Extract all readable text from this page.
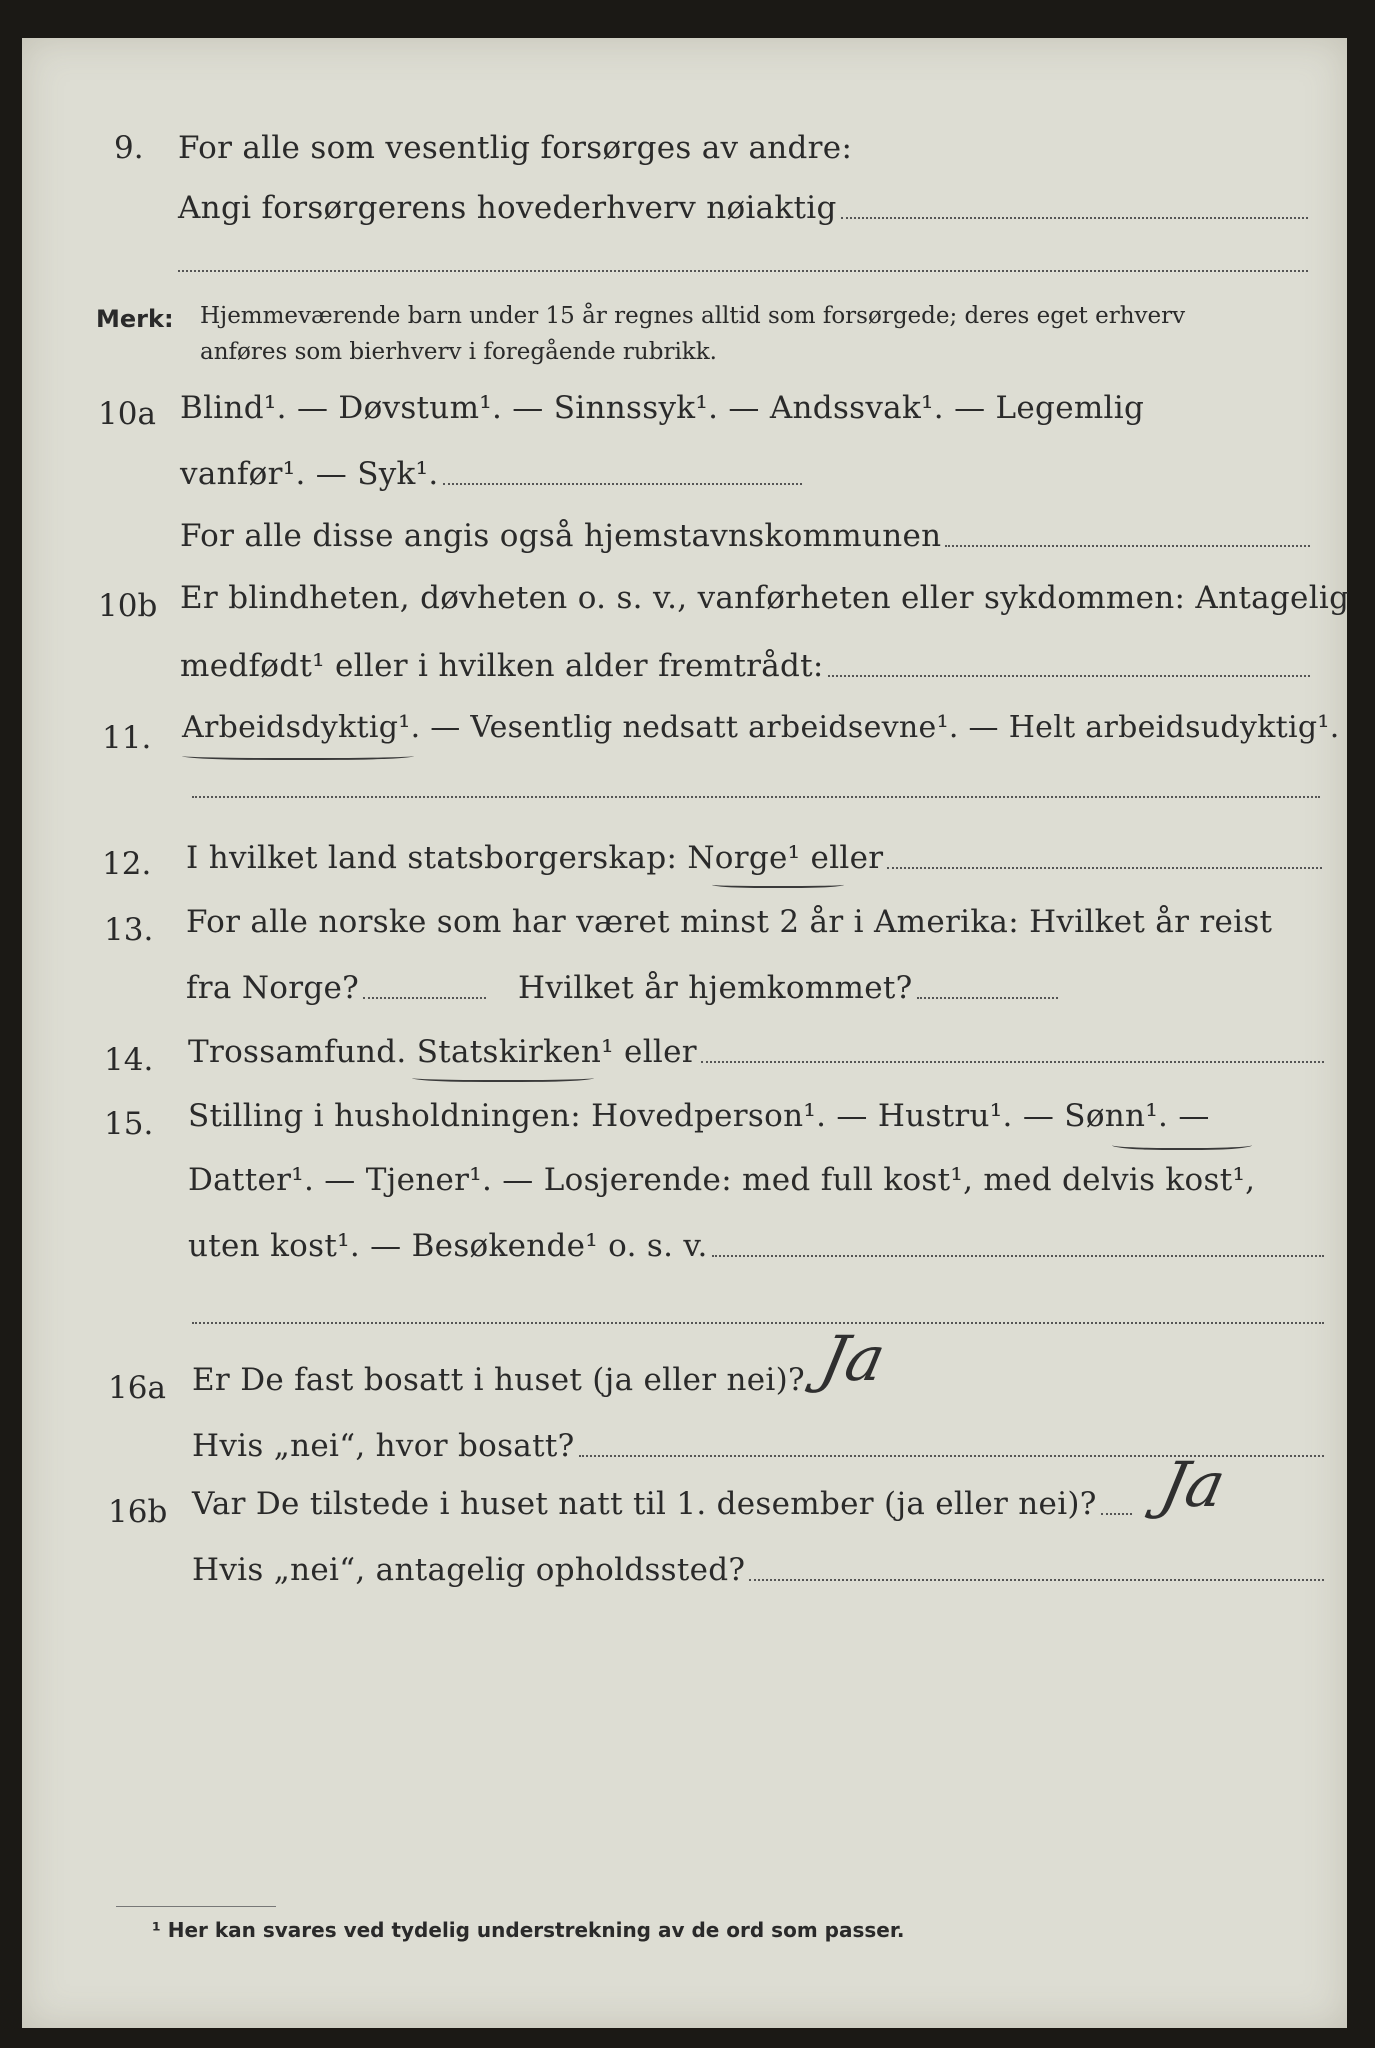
9. For alle som vesentlig forsørges av andre:
Angi forsørgerens hovederhverv nøiaktig
Merk: Hjemmeværende barn under 15 år regnes alltid som forsørgede; deres eget erhverv
anføres som bierhverv i foregående rubrikk.
10a Blind¹. — Døvstum¹. — Sinnssyk¹. — Andssvak¹. — Legemlig
vanfør¹. — Syk¹.
For alle disse angis også hjemstavnskommunen
10b Er blindheten, døvheten o. s. v., vanførheten eller sykdommen: Antagelig
medfødt¹ eller i hvilken alder fremtrådt:
11. Arbeidsdyktig¹. — Vesentlig nedsatt arbeidsevne¹. — Helt arbeidsudyktig¹.
12. I hvilket land statsborgerskap: Norge¹ eller
13. For alle norske som har været minst 2 år i Amerika: Hvilket år reist
fra Norge?	Hvilket år hjemkommet?
14. Trossamfund. Statskirken¹ eller
15. Stilling i husholdningen: Hovedperson¹. — Hustru¹. — Sønn¹. —
Datter¹. — Tjener¹. — Losjerende: med full kost¹, med delvis kost¹,
uten kost¹. — Besøkende¹ o. s. v.
16a Er De fast bosatt i huset (ja eller nei)? Ja
Hvis „nei“, hvor bosatt?
16b Var De tilstede i huset natt til 1. desember (ja eller nei)? Ja
Hvis „nei“, antagelig opholdssted?
¹ Her kan svares ved tydelig understrekning av de ord som passer.
